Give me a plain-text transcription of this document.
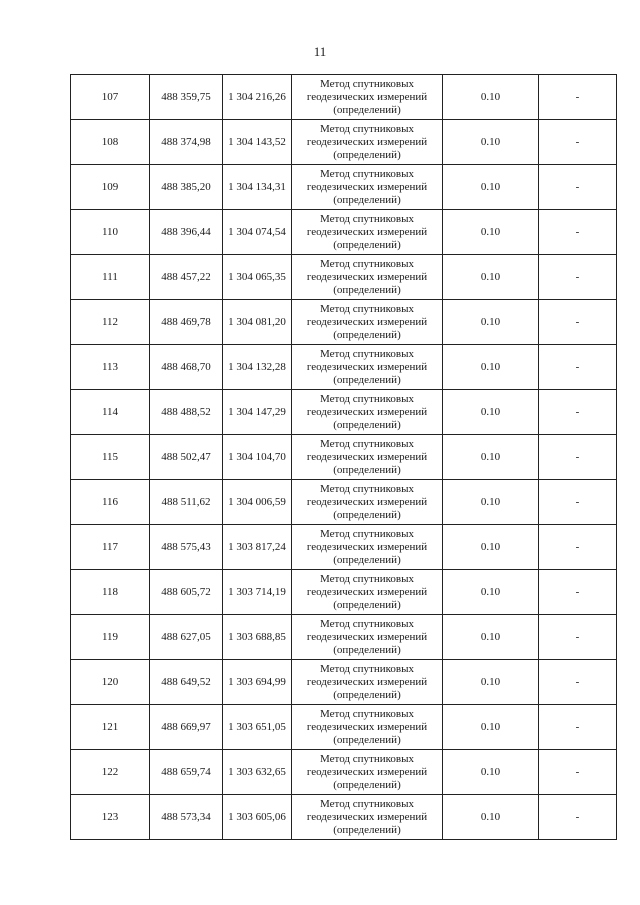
11
107	488 359,75	1 304 216,26	Метод спутниковых
геодезических измерений
(определений)	0.10	-
108	488 374,98	1 304 143,52	Метод спутниковых
геодезических измерений
(определений)	0.10	-
109	488 385,20	1 304 134,31	Метод спутниковых
геодезических измерений
(определений)	0.10	-
110	488 396,44	1 304 074,54	Метод спутниковых
геодезических измерений
(определений)	0.10	-
111	488 457,22	1 304 065,35	Метод спутниковых
геодезических измерений
(определений)	0.10	-
112	488 469,78	1 304 081,20	Метод спутниковых
геодезических измерений
(определений)	0.10	-
113	488 468,70	1 304 132,28	Метод спутниковых
геодезических измерений
(определений)	0.10	-
114	488 488,52	1 304 147,29	Метод спутниковых
геодезических измерений
(определений)	0.10	-
115	488 502,47	1 304 104,70	Метод спутниковых
геодезических измерений
(определений)	0.10	-
116	488 511,62	1 304 006,59	Метод спутниковых
геодезических измерений
(определений)	0.10	-
117	488 575,43	1 303 817,24	Метод спутниковых
геодезических измерений
(определений)	0.10	-
118	488 605,72	1 303 714,19	Метод спутниковых
геодезических измерений
(определений)	0.10	-
119	488 627,05	1 303 688,85	Метод спутниковых
геодезических измерений
(определений)	0.10	-
120	488 649,52	1 303 694,99	Метод спутниковых
геодезических измерений
(определений)	0.10	-
121	488 669,97	1 303 651,05	Метод спутниковых
геодезических измерений
(определений)	0.10	-
122	488 659,74	1 303 632,65	Метод спутниковых
геодезических измерений
(определений)	0.10	-
123	488 573,34	1 303 605,06	Метод спутниковых
геодезических измерений
(определений)	0.10	-
